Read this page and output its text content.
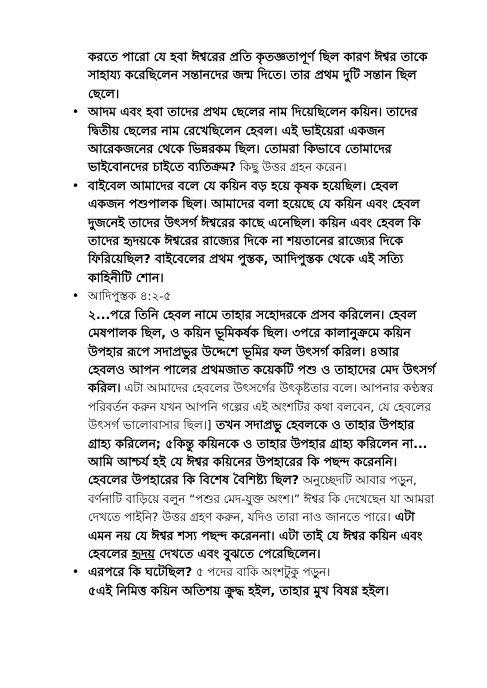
করতে পারো যে হবা ঈশ্বরের প্রতি কৃতজ্ঞতাপূর্ণ ছিল কারণ ঈশ্বর তাকে সাহায্য করেছিলেন সন্তানদের জন্ম দিতে। তার প্রথম দুটি সন্তান ছিল ছেলে।

• আদম এবং হবা তাদের প্রথম ছেলের নাম দিয়েছিলেন কয়িন। তাদের দ্বিতীয় ছেলের নাম রেখেছিলেন হেবল। এই ভাইয়েরা একজন আরেকজনের থেকে ভিন্নরকম ছিল। তোমরা কিভাবে তোমাদের ভাইবোনদের চাইতে ব্যতিক্রম? কিছু উত্তর গ্রহন করেন।
• বাইবেল আমাদের বলে যে কয়িন বড় হয়ে কৃষক হয়েছিল। হেবল একজন পশুপালক ছিল। আমাদের বলা হয়েছে যে কয়িন এবং হেবল দুজনেই তাদের উৎসর্গ ঈশ্বরের কাছে এনেছিল। কয়িন এবং হেবল কি তাদের হৃদয়কে ঈশ্বরের রাজ্যের দিকে না শয়তানের রাজ্যের দিকে ফিরিয়েছিল? বাইবেলের প্রথম পুস্তক, আদিপুস্তক থেকে এই সত্যি কাহিনীটি শোন।
• আদিপুস্তক ৪:২-৫
২...পরে তিনি হেবল নামে তাহার সহোদরকে প্রসব করিলেন। হেবল মেষপালক ছিল, ও কয়িন ভূমিকর্ষক ছিল। ৩পরে কালানুক্রমে কয়িন উপহার রূপে সদাপ্রভুর উদ্দেশে ভূমির ফল উৎসর্গ করিল। ৪আর হেবলও আপন পালের প্রথমজাত কয়েকটি পশু ও তাহাদের মেদ উৎসর্গ করিল। এটা আমাদের হেবলের উৎসর্গের উৎকৃষ্টতার বলে। আপনার কণ্ঠস্বর পরিবর্তন করুন যখন আপনি গল্পের এই অংশটির কথা বলবেন, যে হেবলের উৎসর্গ ভালোবাসার ছিল।] তখন সদাপ্রভু হেবলকে ও তাহার উপহার গ্রাহ্য করিলেন; ৫কিন্তু কয়িনকে ও তাহার উপহার গ্রাহ্য করিলেন না... আমি আশ্চর্য হই যে ঈশ্বর কয়িনের উপহারের কি পছন্দ করেননি। হেবলের উপহারের কি বিশেষ বৈশিষ্ট্য ছিল? অনুচ্ছেদটি আবার পড়ুন, বর্ণনাটি বাড়িয়ে বলুন “পশুর মেদ-যুক্ত অংশ।” ঈশ্বর কি দেখেছেন যা আমরা দেখতে পাইনি? উত্তর গ্রহণ করুন, যদিও তারা নাও জানতে পারে। এটা এমন নয় যে ঈশ্বর শস্য পছন্দ করেননা। এটা তাই যে ঈশ্বর কয়িন এবং হেবলের হৃদয় দেখতে এবং বুঝতে পেরেছিলেন।
• এরপরে কি ঘটেছিল? ৫ পদের বাকি অংশটুকু পড়ুন।

৫এই নিমিত্ত কয়িন অতিশয় ক্রুদ্ধ হইল, তাহার মুখ বিষণ্ণ হইল।
